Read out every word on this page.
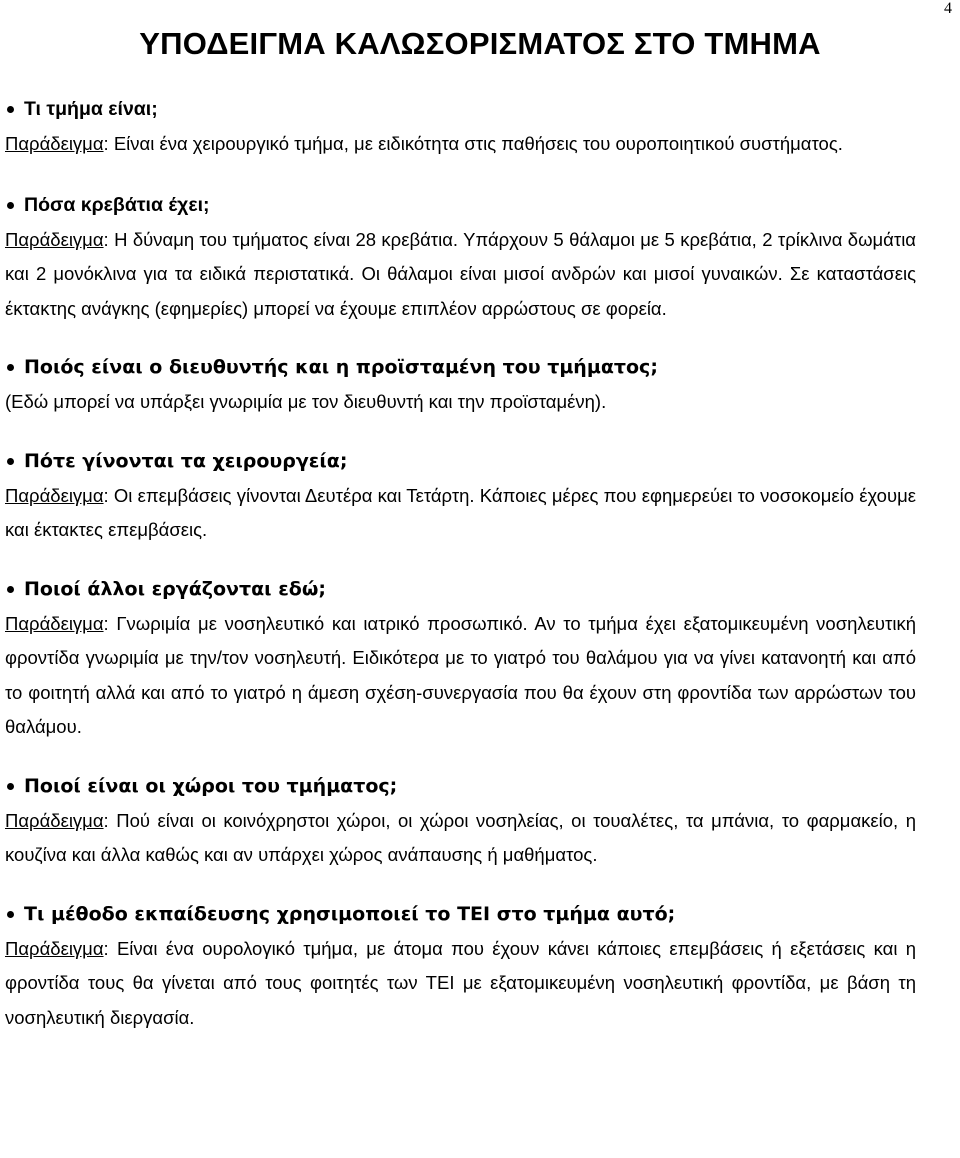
4
ΥΠΟΔΕΙΓΜΑ ΚΑΛΩΣΟΡΙΣΜΑΤΟΣ ΣΤΟ ΤΜΗΜΑ
Τι τμήμα είναι;
Παράδειγμα: Είναι ένα χειρουργικό τμήμα, με ειδικότητα στις παθήσεις του ουροποιητικού συστήματος.
Πόσα κρεβάτια έχει;
Παράδειγμα: Η δύναμη του τμήματος είναι 28 κρεβάτια. Υπάρχουν 5 θάλαμοι με 5 κρεβάτια, 2 τρίκλινα δωμάτια και 2 μονόκλινα για τα ειδικά περιστατικά. Οι θάλαμοι είναι μισοί ανδρών και μισοί γυναικών. Σε καταστάσεις έκτακτης ανάγκης (εφημερίες) μπορεί να έχουμε επιπλέον αρρώστους σε φορεία.
Ποιός είναι ο διευθυντής και η προϊσταμένη του τμήματος;
(Εδώ μπορεί να υπάρξει γνωριμία με τον διευθυντή και την προϊσταμένη).
Πότε γίνονται τα χειρουργεία;
Παράδειγμα: Οι επεμβάσεις γίνονται Δευτέρα και Τετάρτη. Κάποιες μέρες που εφημερεύει το νοσοκομείο έχουμε και έκτακτες επεμβάσεις.
Ποιοί άλλοι εργάζονται εδώ;
Παράδειγμα: Γνωριμία με νοσηλευτικό και ιατρικό προσωπικό. Αν το τμήμα έχει εξατομικευμένη νοσηλευτική φροντίδα γνωριμία με την/τον νοσηλευτή. Ειδικότερα με το γιατρό του θαλάμου για να γίνει κατανοητή και από το φοιτητή αλλά και από το γιατρό η άμεση σχέση-συνεργασία που θα έχουν στη φροντίδα των αρρώστων του θαλάμου.
Ποιοί είναι οι χώροι του τμήματος;
Παράδειγμα: Πού είναι οι κοινόχρηστοι χώροι, οι χώροι νοσηλείας, οι τουαλέτες, τα μπάνια, το φαρμακείο, η κουζίνα και άλλα καθώς και αν υπάρχει χώρος ανάπαυσης ή μαθήματος.
Τι μέθοδο εκπαίδευσης χρησιμοποιεί το ΤΕΙ στο τμήμα αυτό;
Παράδειγμα: Είναι ένα ουρολογικό τμήμα, με άτομα που έχουν κάνει κάποιες επεμβάσεις ή εξετάσεις και η φροντίδα τους θα γίνεται από τους φοιτητές των ΤΕΙ με εξατομικευμένη νοσηλευτική φροντίδα, με βάση τη νοσηλευτική διεργασία.
